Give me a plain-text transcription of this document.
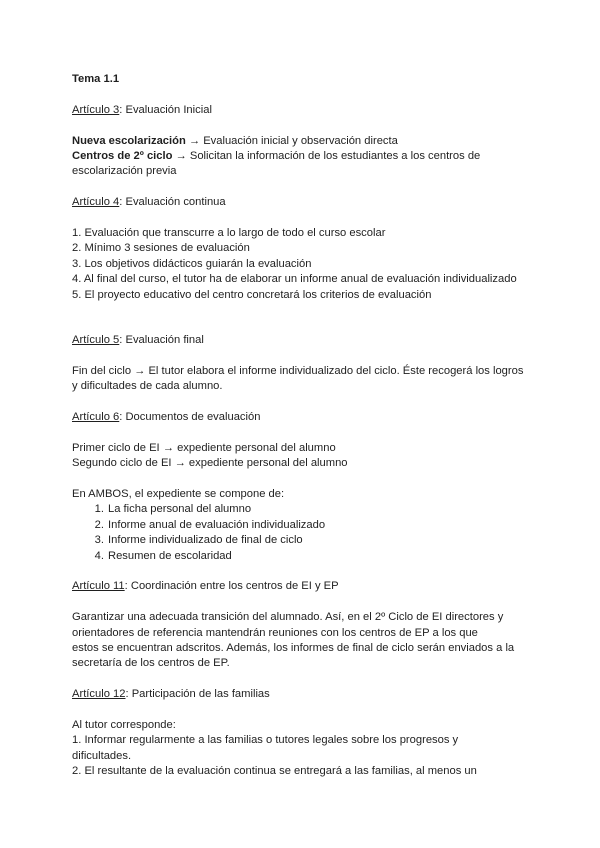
Tema 1.1
Artículo 3: Evaluación Inicial
Nueva escolarización → Evaluación inicial y observación directa
Centros de 2º ciclo → Solicitan la información de los estudiantes a los centros de escolarización previa
Artículo 4: Evaluación continua
1. Evaluación que transcurre a lo largo de todo el curso escolar
2. Mínimo 3 sesiones de evaluación
3. Los objetivos didácticos guiarán la evaluación
4. Al final del curso, el tutor ha de elaborar un informe anual de evaluación individualizado
5. El proyecto educativo del centro concretará los criterios de evaluación
Artículo 5: Evaluación final
Fin del ciclo → El tutor elabora el informe individualizado del ciclo. Éste recogerá los logros y dificultades de cada alumno.
Artículo 6: Documentos de evaluación
Primer ciclo de EI → expediente personal del alumno
Segundo ciclo de EI → expediente personal del alumno
En AMBOS, el expediente se compone de:
1. La ficha personal del alumno
2. Informe anual de evaluación individualizado
3. Informe individualizado de final de ciclo
4. Resumen de escolaridad
Artículo 11: Coordinación entre los centros de EI y EP
Garantizar una adecuada transición del alumnado. Así, en el 2º Ciclo de EI directores y
orientadores de referencia mantendrán reuniones con los centros de EP a los que
estos se encuentran adscritos. Además, los informes de final de ciclo serán enviados a la
secretaría de los centros de EP.
Artículo 12: Participación de las familias
Al tutor corresponde:
1. Informar regularmente a las familias o tutores legales sobre los progresos y
dificultades.
2. El resultante de la evaluación continua se entregará a las familias, al menos un
